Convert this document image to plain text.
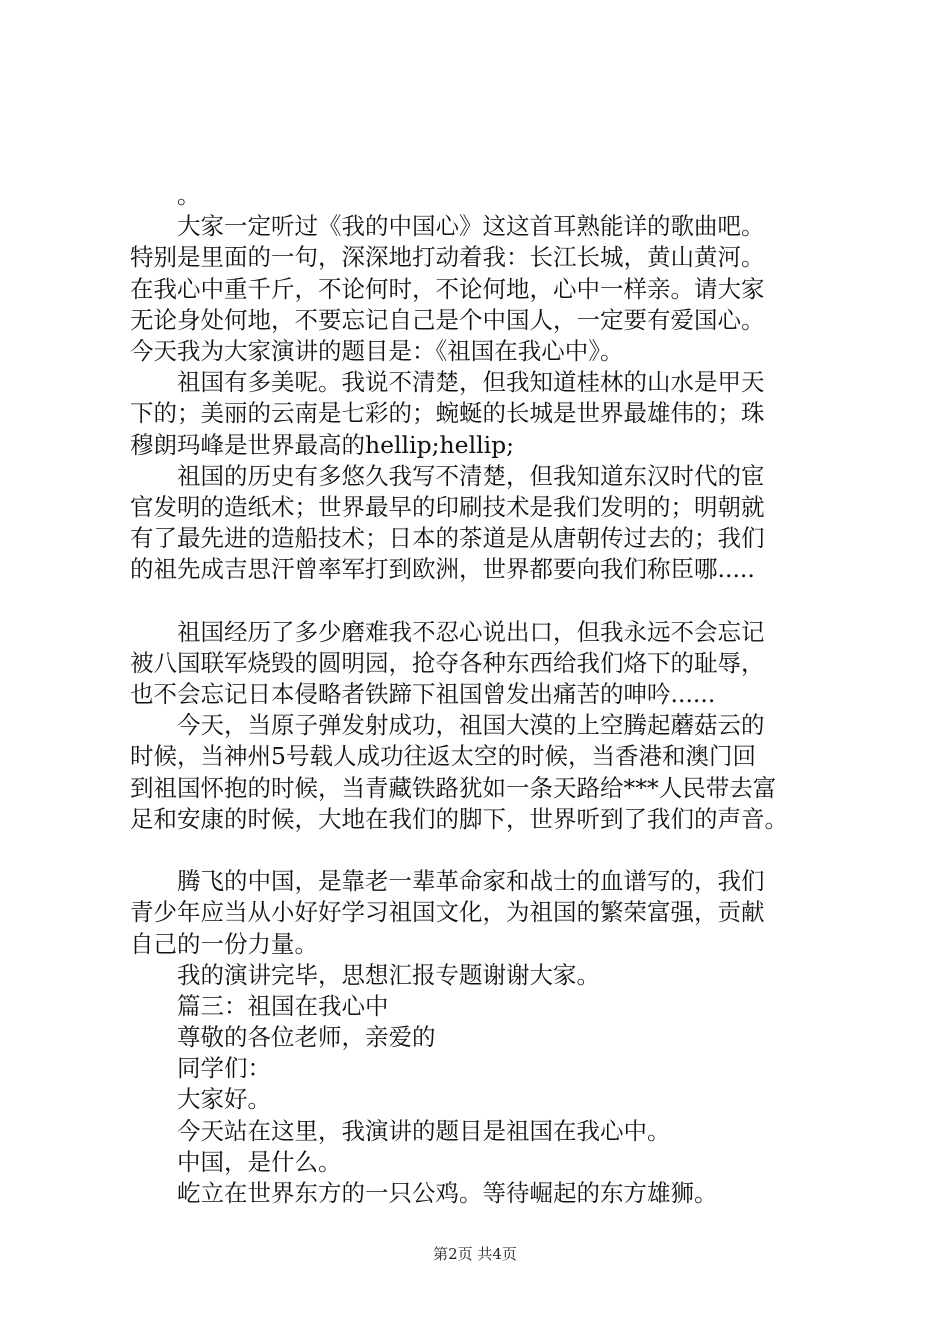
。
大家一定听过《我的中国心》这这首耳熟能详的歌曲吧。
特别是里面的一句，深深地打动着我：长江长城，黄山黄河。
在我心中重千斤，不论何时，不论何地，心中一样亲。请大家
无论身处何地，不要忘记自己是个中国人，一定要有爱国心。
今天我为大家演讲的题目是：《祖国在我心中》。
祖国有多美呢。我说不清楚，但我知道桂林的山水是甲天
下的；美丽的云南是七彩的；蜿蜒的长城是世界最雄伟的；珠
穆朗玛峰是世界最高的hellip;hellip;
祖国的历史有多悠久我写不清楚，但我知道东汉时代的宦
官发明的造纸术；世界最早的印刷技术是我们发明的；明朝就
有了最先进的造船技术；日本的茶道是从唐朝传过去的；我们
的祖先成吉思汗曾率军打到欧洲，世界都要向我们称臣哪.....
祖国经历了多少磨难我不忍心说出口，但我永远不会忘记
被八国联军烧毁的圆明园，抢夺各种东西给我们烙下的耻辱，
也不会忘记日本侵略者铁蹄下祖国曾发出痛苦的呻吟......
今天，当原子弹发射成功，祖国大漠的上空腾起蘑菇云的
时候，当神州5号载人成功往返太空的时候，当香港和澳门回
到祖国怀抱的时候，当青藏铁路犹如一条天路给***人民带去富
足和安康的时候，大地在我们的脚下，世界听到了我们的声音。
腾飞的中国，是靠老一辈革命家和战士的血谱写的，我们
青少年应当从小好好学习祖国文化，为祖国的繁荣富强，贡献
自己的一份力量。
我的演讲完毕，思想汇报专题谢谢大家。
篇三：祖国在我心中
尊敬的各位老师，亲爱的
同学们：
大家好。
今天站在这里，我演讲的题目是祖国在我心中。
中国，是什么。
屹立在世界东方的一只公鸡。等待崛起的东方雄狮。
第2页 共4页
